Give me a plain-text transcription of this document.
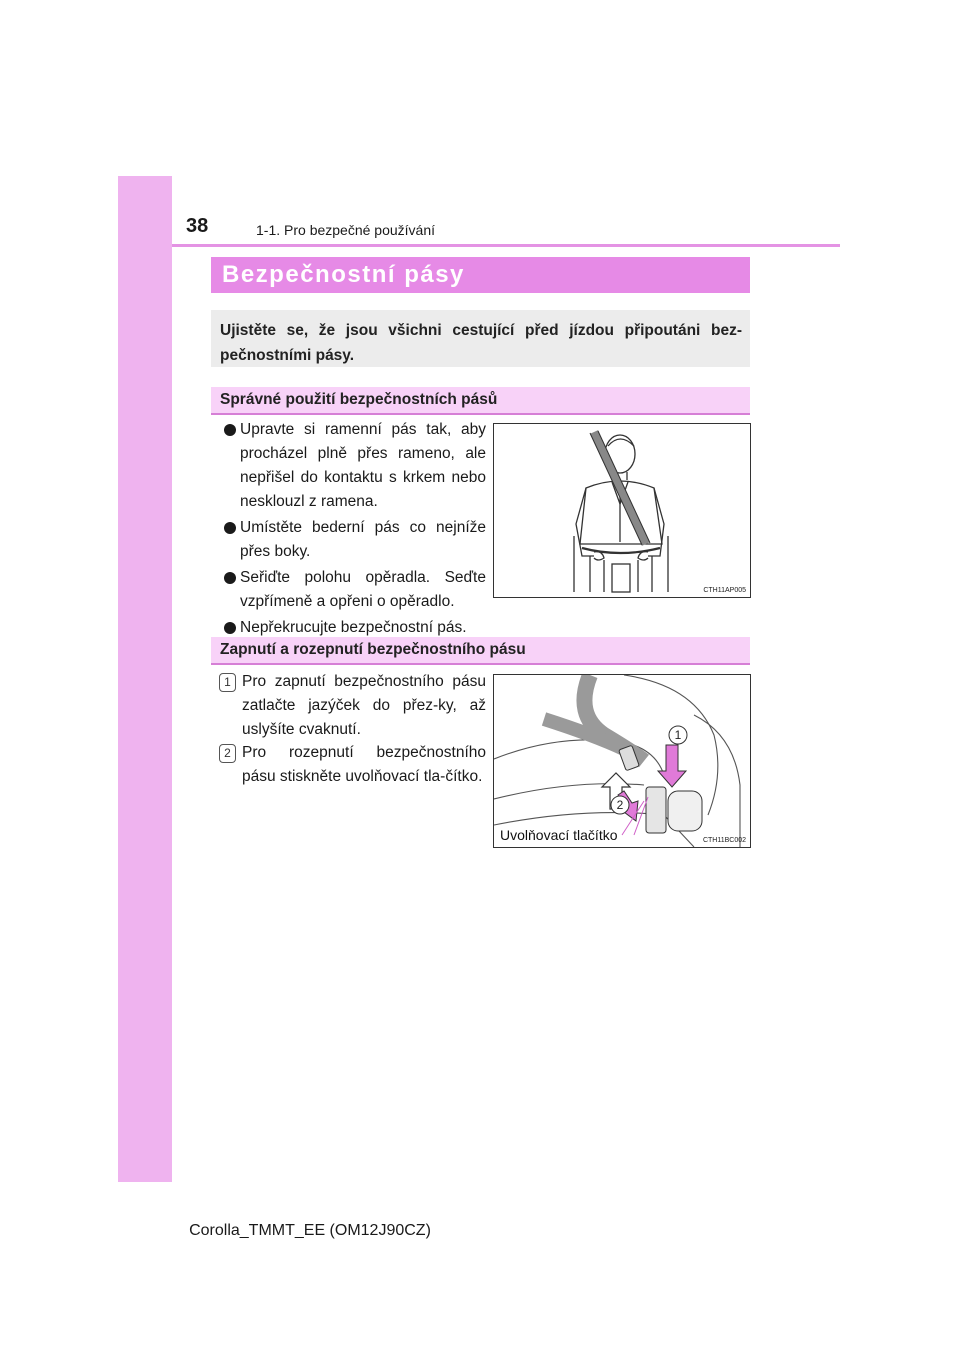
38	1-1. Pro bezpečné používání
Bezpečnostní pásy
Ujistěte se, že jsou všichni cestující před jízdou připoutáni bez-pečnostními pásy.
Správné použití bezpečnostních pásů
Upravte si ramenní pás tak, aby procházel plně přes rameno, ale nepřišel do kontaktu s krkem nebo nesklouzl z ramena.
Umístěte bederní pás co nejníže přes boky.
Seřiďte polohu opěradla. Seďte vzpřímeně a opřeni o opěradlo.
Nepřekrucujte bezpečnostní pás.
CTH11AP005
Zapnutí a rozepnutí bezpečnostního pásu
1 Pro zapnutí bezpečnostního pásu zatlačte jazýček do přez-ky, až uslyšíte cvaknutí.
2 Pro rozepnutí bezpečnostního pásu stiskněte uvolňovací tla-čítko.
1
2
Uvolňovací tlačítko	CTH11BC002
Corolla_TMMT_EE (OM12J90CZ)
